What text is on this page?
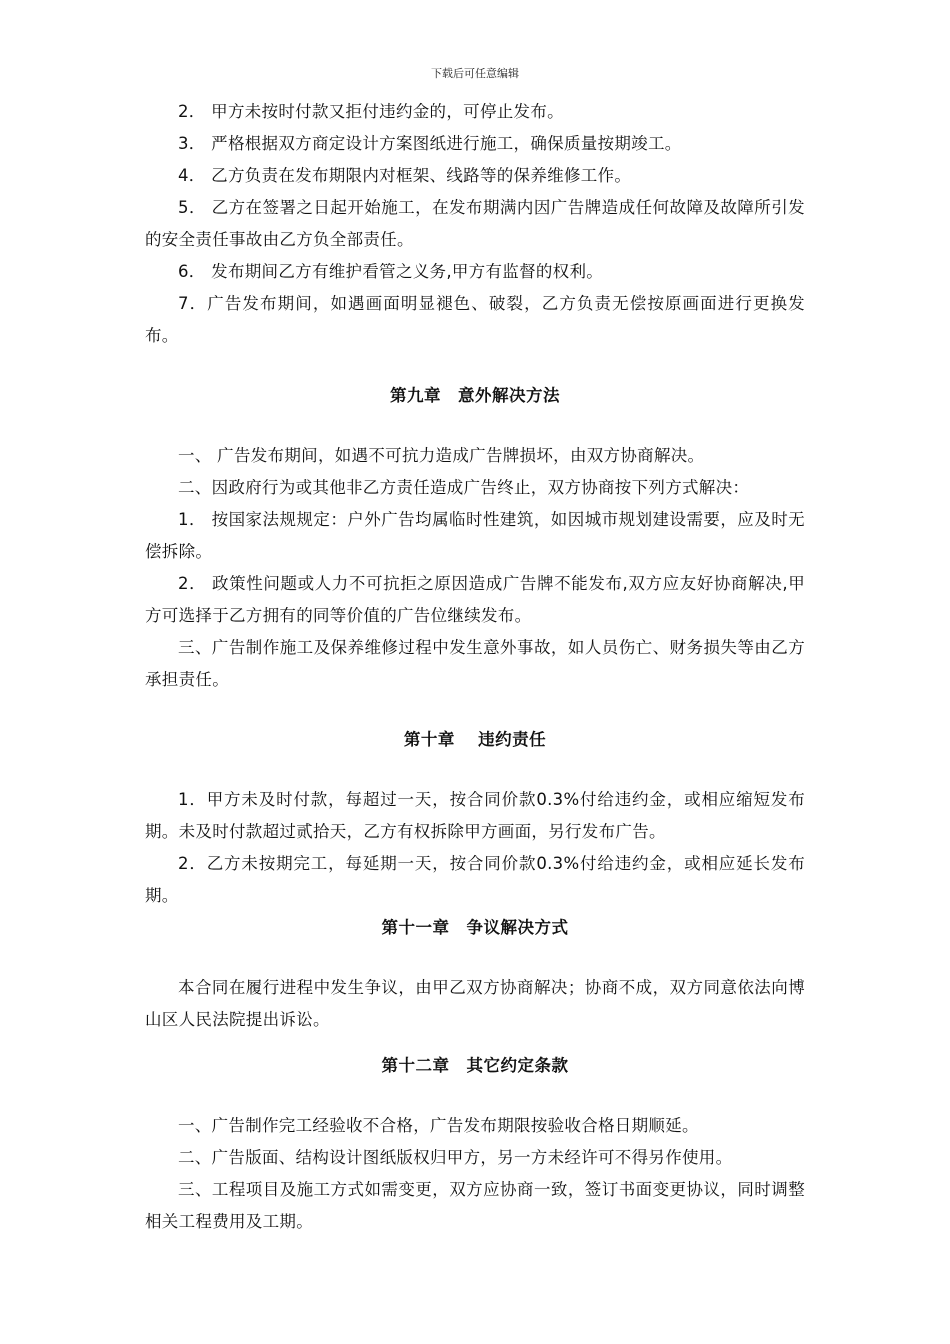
下载后可任意编辑

2． 甲方未按时付款又拒付违约金的，可停止发布。

3． 严格根据双方商定设计方案图纸进行施工，确保质量按期竣工。

4． 乙方负责在发布期限内对框架、线路等的保养维修工作。

5． 乙方在签署之日起开始施工，在发布期满内因广告牌造成任何故障及故障所引发的安全责任事故由乙方负全部责任。

6． 发布期间乙方有维护看管之义务,甲方有监督的权利。

7．广告发布期间，如遇画面明显褪色、破裂，乙方负责无偿按原画面进行更换发布。

第九章　意外解决方法

一、 广告发布期间，如遇不可抗力造成广告牌损坏，由双方协商解决。

二、因政府行为或其他非乙方责任造成广告终止，双方协商按下列方式解决：

1． 按国家法规规定：户外广告均属临时性建筑，如因城市规划建设需要，应及时无偿拆除。

2． 政策性问题或人力不可抗拒之原因造成广告牌不能发布,双方应友好协商解决,甲方可选择于乙方拥有的同等价值的广告位继续发布。

三、广告制作施工及保养维修过程中发生意外事故，如人员伤亡、财务损失等由乙方承担责任。

第十章　 违约责任

1．甲方未及时付款，每超过一天，按合同价款0.3%付给违约金，或相应缩短发布期。未及时付款超过贰拾天，乙方有权拆除甲方画面，另行发布广告。

2．乙方未按期完工，每延期一天，按合同价款0.3%付给违约金，或相应延长发布期。

第十一章　争议解决方式

本合同在履行进程中发生争议，由甲乙双方协商解决；协商不成，双方同意依法向博山区人民法院提出诉讼。

第十二章　其它约定条款

一、广告制作完工经验收不合格，广告发布期限按验收合格日期顺延。

二、广告版面、结构设计图纸版权归甲方，另一方未经许可不得另作使用。

三、工程项目及施工方式如需变更，双方应协商一致，签订书面变更协议，同时调整相关工程费用及工期。
